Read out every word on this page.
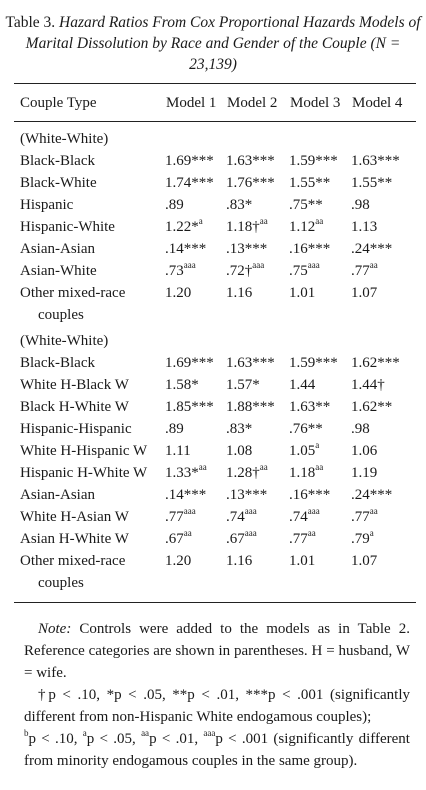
Table 3. Hazard Ratios From Cox Proportional Hazards Models of Marital Dissolution by Race and Gender of the Couple (N = 23,139)
Couple Type	Model 1 Model 2 Model 3 Model 4
(White-White)				
Black-Black	1.69***	1.63***	1.59***	1.63***
Black-White	1.74***	1.76***	1.55**	1.55**
Hispanic	.89	.83*	.75**	.98
Hispanic-White	1.22*$^a$	1.18†$^{aa}$	1.12$^{aa}$	1.13
Asian-Asian	.14***	.13***	.16***	.24***
Asian-White	.73$^{aaa}$	.72†$^{aaa}$	.75$^{aaa}$	.77$^{aa}$
Other mixed-race	1.20	1.16	1.01	1.07
couples				
(White-White)				
Black-Black	1.69***	1.63***	1.59***	1.62***
White H-Black W	1.58*	1.57*	1.44	1.44†
Black H-White W	1.85***	1.88***	1.63**	1.62**
Hispanic-Hispanic	.89	.83*	.76**	.98
White H-Hispanic W	1.11	1.08	1.05$^a$	1.06
Hispanic H-White W	1.33*$^{aa}$	1.28†$^{aa}$	1.18$^{aa}$	1.19
Asian-Asian	.14***	.13***	.16***	.24***
White H-Asian W	.77$^{aaa}$	.74$^{aaa}$	.74$^{aaa}$	.77$^{aa}$
Asian H-White W	.67$^{aa}$	.67$^{aaa}$	.77$^{aa}$	.79$^a$
Other mixed-race	1.20	1.16	1.01	1.07
couples				

Note: Controls were added to the models as in Table 2. Reference categories are shown in parentheses. H = husband, W = wife.

†p < .10, *p < .05, **p < .01, ***p < .001 (significantly different from non-Hispanic White endogamous couples);

$^b$p < .10, $^a$p < .05, $^{aa}$p < .01, $^{aaa}$p < .001 (significantly different from minority endogamous couples in the same group).
